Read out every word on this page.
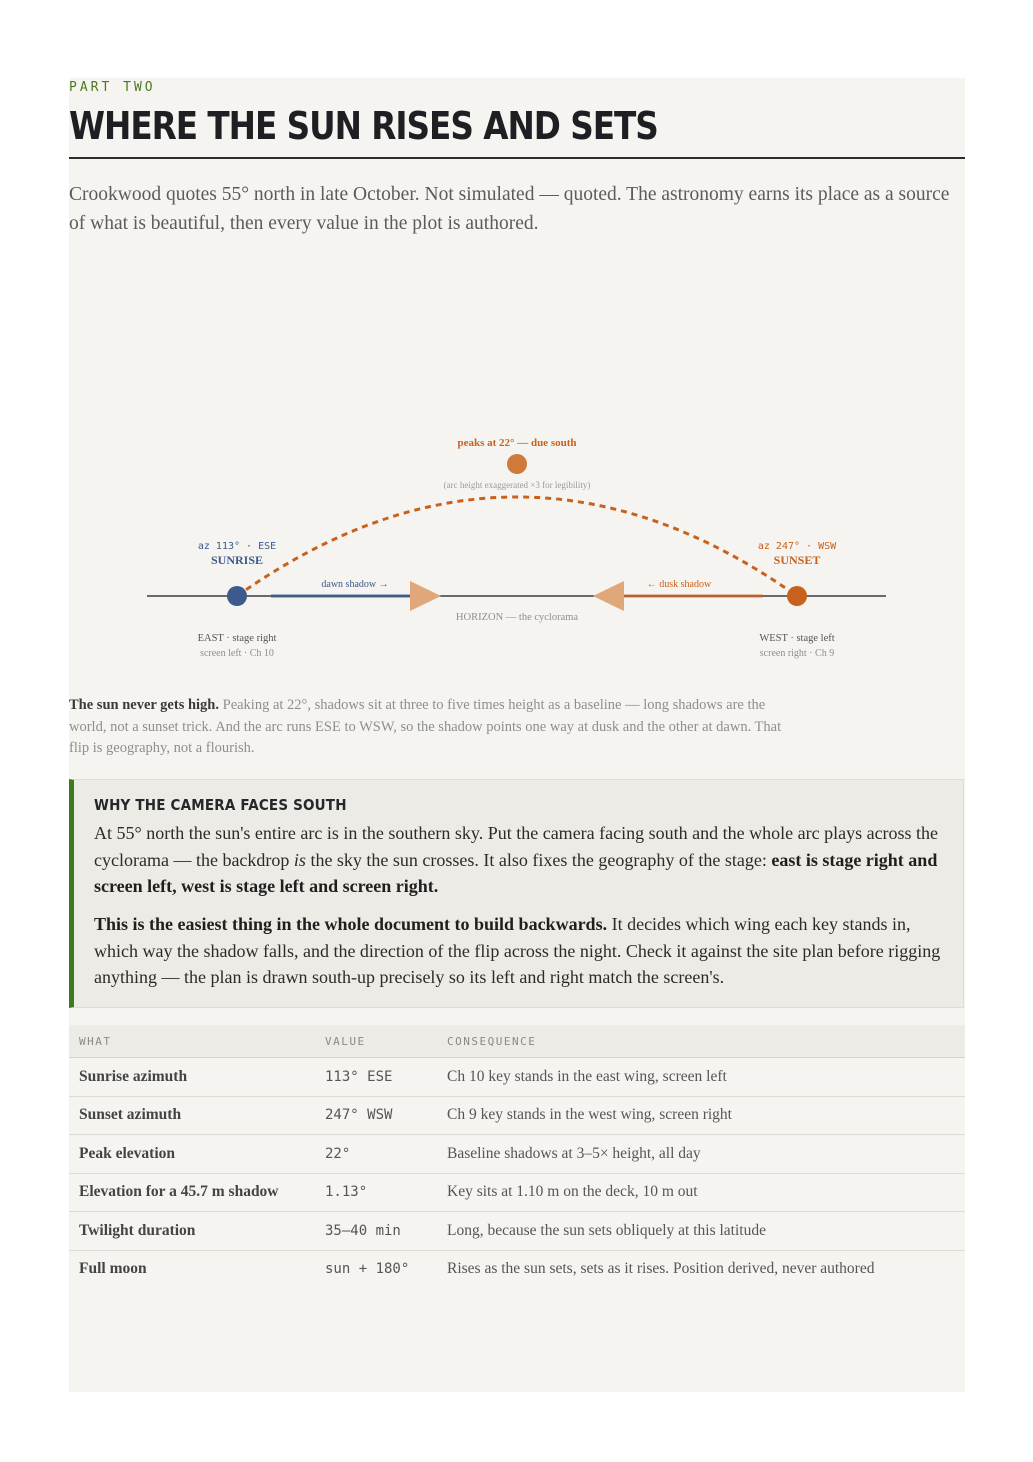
PART TWO
WHERE THE SUN RISES AND SETS

Crookwood quotes 55° north in late October. Not simulated — quoted. The astronomy earns its place as a source of what is beautiful, then every value in the plot is authored.

peaks at 22° — due south
(arc height exaggerated ×3 for legibility)
az 113° · ESE
SUNRISE
az 247° · WSW
SUNSET
dawn shadow →	← dusk shadow
HORIZON — the cyclorama
EAST · stage right
screen left · Ch 10
WEST · stage left
screen right · Ch 9

The sun never gets high. Peaking at 22°, shadows sit at three to five times height as a baseline — long shadows are the world, not a sunset trick. And the arc runs ESE to WSW, so the shadow points one way at dusk and the other at dawn. That flip is geography, not a flourish.

WHY THE CAMERA FACES SOUTH

At 55° north the sun's entire arc is in the southern sky. Put the camera facing south and the whole arc plays across the cyclorama — the backdrop is the sky the sun crosses. It also fixes the geography of the stage: east is stage right and screen left, west is stage left and screen right.

This is the easiest thing in the whole document to build backwards. It decides which wing each key stands in, which way the shadow falls, and the direction of the flip across the night. Check it against the site plan before rigging anything — the plan is drawn south-up precisely so its left and right match the screen's.

WHAT	VALUE	CONSEQUENCE
Sunrise azimuth	113° ESE	Ch 10 key stands in the east wing, screen left
Sunset azimuth	247° WSW	Ch 9 key stands in the west wing, screen right
Peak elevation	22°	Baseline shadows at 3–5× height, all day
Elevation for a 45.7 m shadow	1.13°	Key sits at 1.10 m on the deck, 10 m out
Twilight duration	35–40 min	Long, because the sun sets obliquely at this latitude
Full moon	sun + 180°	Rises as the sun sets, sets as it rises. Position derived, never authored
